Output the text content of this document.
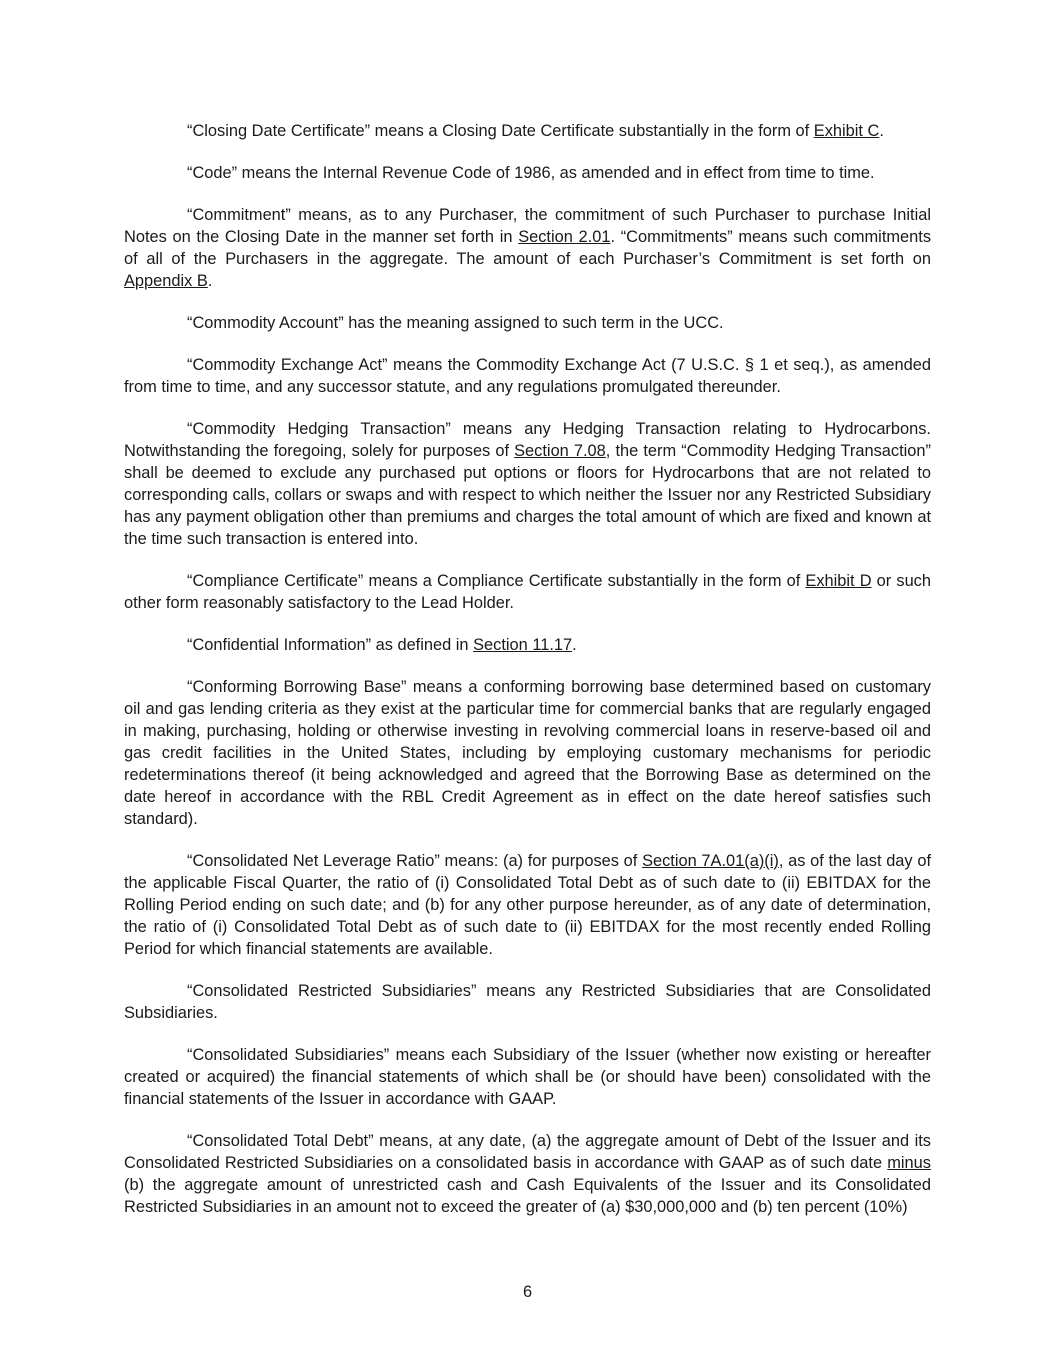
“Closing Date Certificate” means a Closing Date Certificate substantially in the form of Exhibit C.

“Code” means the Internal Revenue Code of 1986, as amended and in effect from time to time.

“Commitment” means, as to any Purchaser, the commitment of such Purchaser to purchase Initial Notes on the Closing Date in the manner set forth in Section 2.01. “Commitments” means such commitments of all of the Purchasers in the aggregate. The amount of each Purchaser’s Commitment is set forth on Appendix B.

“Commodity Account” has the meaning assigned to such term in the UCC.

“Commodity Exchange Act” means the Commodity Exchange Act (7 U.S.C. § 1 et seq.), as amended from time to time, and any successor statute, and any regulations promulgated thereunder.

“Commodity Hedging Transaction” means any Hedging Transaction relating to Hydrocarbons. Notwithstanding the foregoing, solely for purposes of Section 7.08, the term “Commodity Hedging Transaction” shall be deemed to exclude any purchased put options or floors for Hydrocarbons that are not related to corresponding calls, collars or swaps and with respect to which neither the Issuer nor any Restricted Subsidiary has any payment obligation other than premiums and charges the total amount of which are fixed and known at the time such transaction is entered into.

“Compliance Certificate” means a Compliance Certificate substantially in the form of Exhibit D or such other form reasonably satisfactory to the Lead Holder.

“Confidential Information” as defined in Section 11.17.

“Conforming Borrowing Base” means a conforming borrowing base determined based on customary oil and gas lending criteria as they exist at the particular time for commercial banks that are regularly engaged in making, purchasing, holding or otherwise investing in revolving commercial loans in reserve-based oil and gas credit facilities in the United States, including by employing customary mechanisms for periodic redeterminations thereof (it being acknowledged and agreed that the Borrowing Base as determined on the date hereof in accordance with the RBL Credit Agreement as in effect on the date hereof satisfies such standard).

“Consolidated Net Leverage Ratio” means: (a) for purposes of Section 7A.01(a)(i), as of the last day of the applicable Fiscal Quarter, the ratio of (i) Consolidated Total Debt as of such date to (ii) EBITDAX for the Rolling Period ending on such date; and (b) for any other purpose hereunder, as of any date of determination, the ratio of (i) Consolidated Total Debt as of such date to (ii) EBITDAX for the most recently ended Rolling Period for which financial statements are available.

“Consolidated Restricted Subsidiaries” means any Restricted Subsidiaries that are Consolidated Subsidiaries.

“Consolidated Subsidiaries” means each Subsidiary of the Issuer (whether now existing or hereafter created or acquired) the financial statements of which shall be (or should have been) consolidated with the financial statements of the Issuer in accordance with GAAP.

“Consolidated Total Debt” means, at any date, (a) the aggregate amount of Debt of the Issuer and its Consolidated Restricted Subsidiaries on a consolidated basis in accordance with GAAP as of such date minus (b) the aggregate amount of unrestricted cash and Cash Equivalents of the Issuer and its Consolidated Restricted Subsidiaries in an amount not to exceed the greater of (a) $30,000,000 and (b) ten percent (10%)

6
